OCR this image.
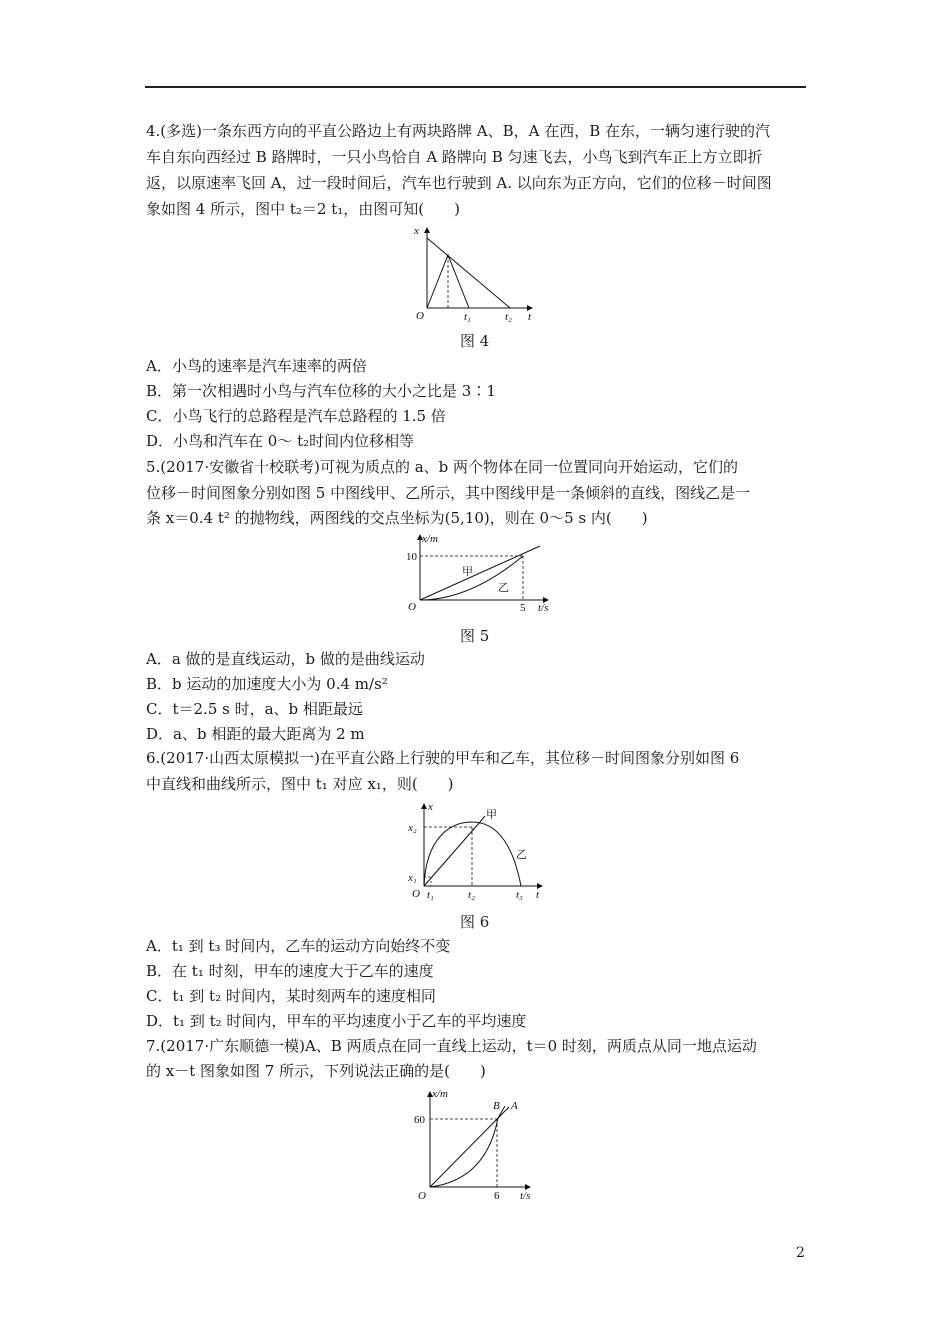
4.(多选)一条东西方向的平直公路边上有两块路牌 A、B，A 在西，B 在东，一辆匀速行驶的汽
车自东向西经过 B 路牌时，一只小鸟恰自 A 路牌向 B 匀速飞去，小鸟飞到汽车正上方立即折
返，以原速率飞回 A，过一段时间后，汽车也行驶到 A. 以向东为正方向，它们的位移－时间图
象如图 4 所示，图中 t₂＝2 t₁，由图可知(　　)
x
O	t₁	t₂ t
图 4
A．小鸟的速率是汽车速率的两倍
B．第一次相遇时小鸟与汽车位移的大小之比是 3∶1
C．小鸟飞行的总路程是汽车总路程的 1.5 倍
D．小鸟和汽车在 0～ t₂时间内位移相等
5.(2017·安徽省十校联考)可视为质点的 a、b 两个物体在同一位置同向开始运动，它们的
位移－时间图象分别如图 5 中图线甲、乙所示，其中图线甲是一条倾斜的直线，图线乙是一
条 x＝0.4 t² 的抛物线，两图线的交点坐标为(5,10)，则在 0～5 s 内(　　)
x/m
10
O	5 t/s
甲
乙
图 5
A．a 做的是直线运动，b 做的是曲线运动
B．b 运动的加速度大小为 0.4 m/s²
C．t＝2.5 s 时，a、b 相距最远
D．a、b 相距的最大距离为 2 m
6.(2017·山西太原模拟一)在平直公路上行驶的甲车和乙车，其位移－时间图象分别如图 6
中直线和曲线所示，图中 t₁ 对应 x₁，则(　　)
x
x₂
x₁
O t₁	t₂	t₃ t
甲
乙
图 6
A．t₁ 到 t₃ 时间内，乙车的运动方向始终不变
B．在 t₁ 时刻，甲车的速度大于乙车的速度
C．t₁ 到 t₂ 时间内，某时刻两车的速度相同
D．t₁ 到 t₂ 时间内，甲车的平均速度小于乙车的平均速度
7.(2017·广东顺德一模)A、B 两质点在同一直线上运动，t＝0 时刻，两质点从同一地点运动
的 x－t 图象如图 7 所示，下列说法正确的是(　　)
x/m
60
O	6 t/s
B A
2
